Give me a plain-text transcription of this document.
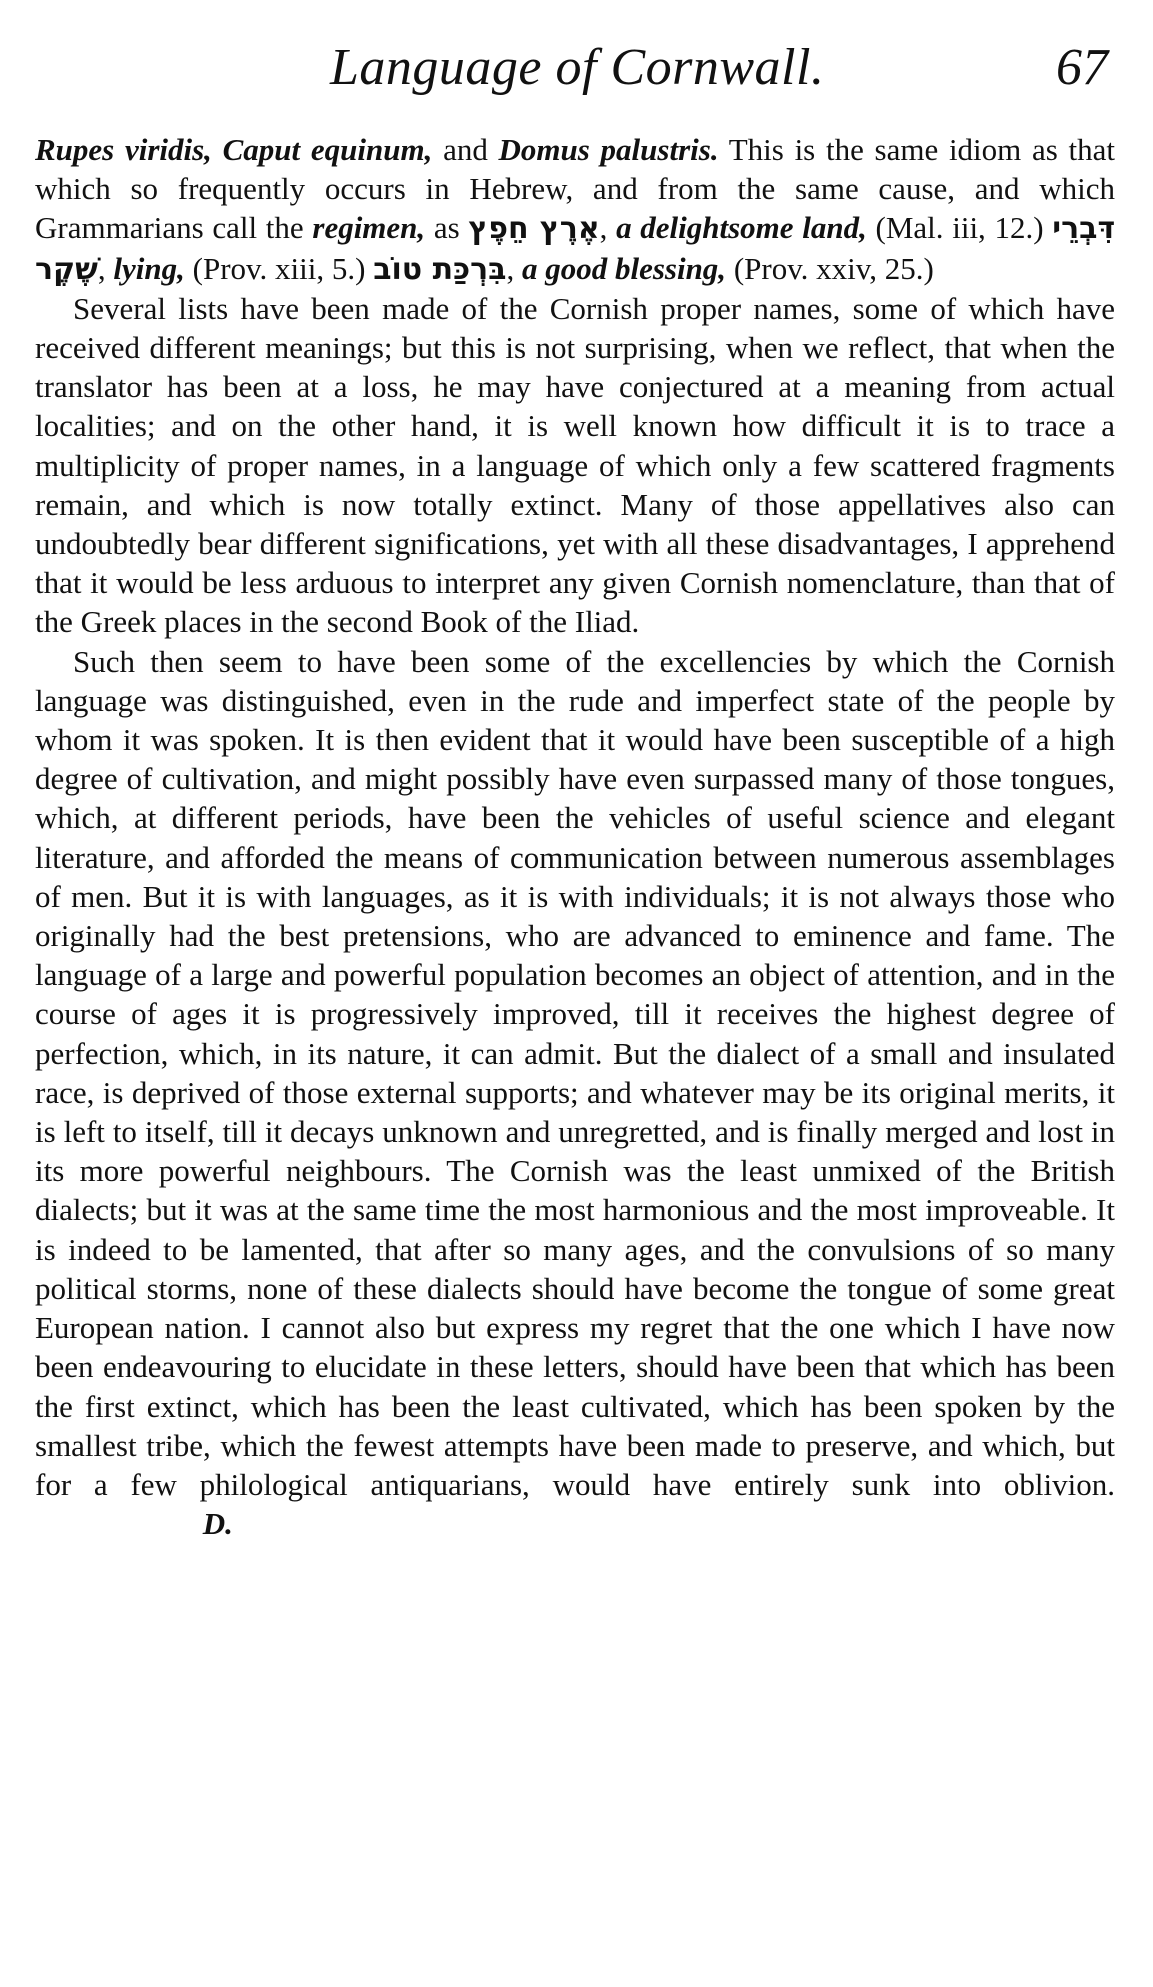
Language of Cornwall.	67

Rupes viridis, Caput equinum, and Domus palustris. This is the same idiom as that which so frequently occurs in Hebrew, and from the same cause, and which Grammarians call the regimen, as אֶרֶץ חֵפֶץ, a delightsome land, (Mal. iii, 12.) דִּבְרֵי שֶׁקֶר, lying, (Prov. xiii, 5.) בִּרְכַּת טוֹב, a good blessing, (Prov. xxiv, 25.)

Several lists have been made of the Cornish proper names, some of which have received different meanings; but this is not surprising, when we reflect, that when the translator has been at a loss, he may have conjectured at a meaning from actual localities; and on the other hand, it is well known how difficult it is to trace a multiplicity of proper names, in a language of which only a few scattered fragments remain, and which is now totally extinct. Many of those appellatives also can undoubtedly bear different significations, yet with all these disadvantages, I apprehend that it would be less arduous to interpret any given Cornish nomenclature, than that of the Greek places in the second Book of the Iliad.

Such then seem to have been some of the excellencies by which the Cornish language was distinguished, even in the rude and imperfect state of the people by whom it was spoken. It is then evident that it would have been susceptible of a high degree of cultivation, and might possibly have even surpassed many of those tongues, which, at different periods, have been the vehicles of useful science and elegant literature, and afforded the means of communication between numerous assemblages of men. But it is with languages, as it is with individuals; it is not always those who originally had the best pretensions, who are advanced to eminence and fame. The language of a large and powerful population becomes an object of attention, and in the course of ages it is progressively improved, till it receives the highest degree of perfection, which, in its nature, it can admit. But the dialect of a small and insulated race, is deprived of those external supports; and whatever may be its original merits, it is left to itself, till it decays unknown and unregretted, and is finally merged and lost in its more powerful neighbours. The Cornish was the least unmixed of the British dialects; but it was at the same time the most harmonious and the most improveable. It is indeed to be lamented, that after so many ages, and the convulsions of so many political storms, none of these dialects should have become the tongue of some great European nation. I cannot also but express my regret that the one which I have now been endeavouring to elucidate in these letters, should have been that which has been the first extinct, which has been the least cultivated, which has been spoken by the smallest tribe, which the fewest attempts have been made to preserve, and which, but for a few philological antiquarians, would have entirely sunk into oblivion.  D.
